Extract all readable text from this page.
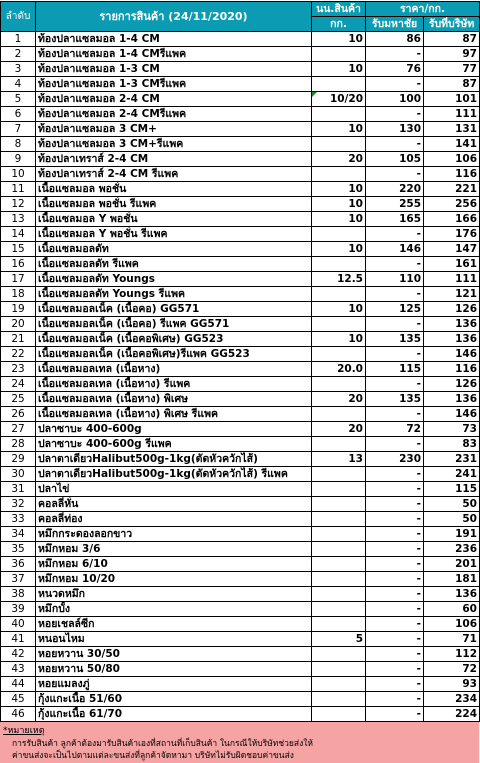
ลำดับ	รายการสินค้า (24/11/2020)	นน.สินค้า	ราคา/กก.	
		กก.	รับมหาชัย	รับที่บริษัท
1	ท้องปลาแซลมอล 1-4 CM	10	86	87
2	ท้องปลาแซลมอล 1-4 CMรีแพค		-	97
3	ท้องปลาแซลมอล 1-3 CM	10	76	77
4	ท้องปลาแซลมอล 1-3 CMรีแพค		-	87
5	ท้องปลาแซลมอล 2-4 CM	10/20	100	101
6	ท้องปลาแซลมอล 2-4 CMรีแพค		-	111
7	ท้องปลาแซลมอล 3 CM+	10	130	131
8	ท้องปลาแซลมอล 3 CM+รีแพค		-	141
9	ท้องปลาเทราส์ 2-4 CM	20	105	106
10	ท้องปลาเทราส์ 2-4 CM รีแพค		-	116
11	เนื้อแซลมอล พอชั่น	10	220	221
12	เนื้อแซลมอล พอชั่น รีแพค	10	255	256
13	เนื้อแซลมอล Y พอชั่น	10	165	166
14	เนื้อแซลมอล Y พอชั่น รีแพค		-	176
15	เนื้อแซลมอลดัท	10	146	147
16	เนื้อแซลมอลดัท รีแพค		-	161
17	เนื้อแซลมอลดัท Youngs	12.5	110	111
18	เนื้อแซลมอลดัท Youngs รีแพค		-	121
19	เนื้อแซลมอลเน็ค (เนื้อคอ) GG571	10	125	126
20	เนื้อแซลมอลเน็ค (เนื้อคอ) รีแพค GG571		-	136
21	เนื้อแซลมอลเน็ค (เนื้อคอพิเศษ) GG523	10	135	136
22	เนื้อแซลมอลเน็ค (เนื้อคอพิเศษ)รีแพค GG523		-	146
23	เนื้อแซลมอลเทล (เนื้อหาง)	20.0	115	116
24	เนื้อแซลมอลเทล (เนื้อหาง) รีแพค		-	126
25	เนื้อแซลมอลเทล (เนื้อหาง) พิเศษ	20	135	136
26	เนื้อแซลมอลเทล (เนื้อหาง) พิเศษ รีแพค		-	146
27	ปลาซาบะ 400-600g	20	72	73
28	ปลาซาบะ 400-600g รีแพค		-	83
29	ปลาตาเดียวHalibut500g-1kg(ตัดหัวควักไส้)	13	230	231
30	ปลาตาเดียวHalibut500g-1kg(ตัดหัวควักไส้) รีแพค		-	241
31	ปลาไข่		-	115
32	คอลลี่หั่น		-	50
33	คอลลี่ท่อง		-	50
34	หมึกกระดองลอกขาว		-	191
35	หมึกหอม 3/6		-	236
36	หมึกหอม 6/10		-	201
37	หมึกหอม 10/20		-	181
38	หนวดหมึก		-	136
39	หมึกบั้ง		-	60
40	หอยเชลล์ซีก		-	106
41	หนอนไหม	5	-	71
42	หอยหวาน 30/50		-	112
43	หอยหวาน 50/80		-	72
44	หอยแมลงภู่		-	93
45	กุ้งแกะเนื้อ 51/60		-	234
46	กุ้งแกะเนื้อ 61/70		-	224
*หมายเหตุ
การรับสินค้า ลูกค้าต้องมารับสินค้าเองที่สถานที่เก็บสินค้า ในกรณีให้บริษัทช่วยส่งให้
ค่าขนส่งจะเป็นไปตามแต่ละขนส่งที่ลูกค้าจัดหามา บริษัทไม่รับผิดชอบค่าขนส่ง
